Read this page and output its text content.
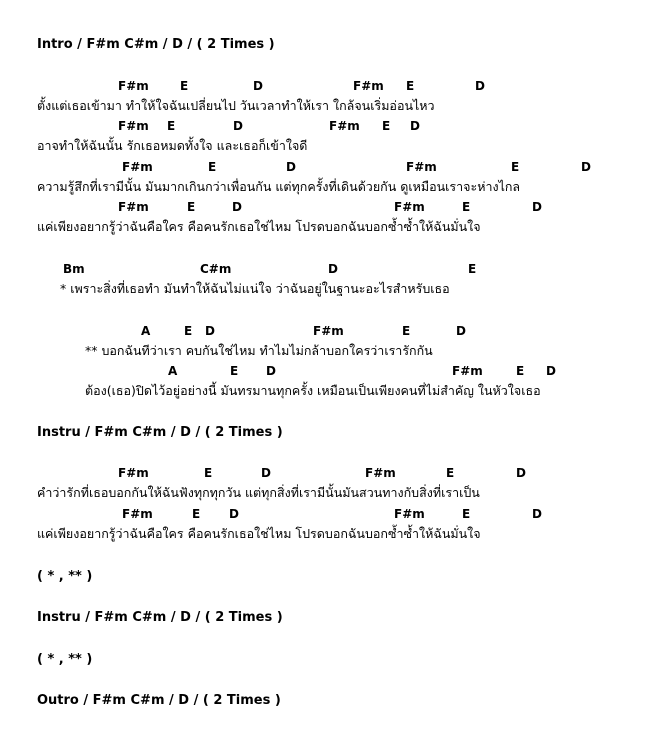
Intro / F#m C#m / D / ( 2 Times )
Instru / F#m C#m / D / ( 2 Times )
( * , ** )
Instru / F#m C#m / D / ( 2 Times )
( * , ** )
Outro / F#m C#m / D / ( 2 Times )
F#m	E	D	F#m E	D
ตั้งแต่เธอเข้ามา ทำให้ใจฉันเปลี่ยนไป วันเวลาทำให้เรา ใกล้จนเริ่มอ่อนไหว
F#m E	D	F#m E D
อาจทำให้ฉันนั้น รักเธอหมดทั้งใจ และเธอก็เข้าใจดี
F#m	E	D	F#m	E	D
ความรู้สึกที่เรามีนั้น มันมากเกินกว่าเพื่อนกัน แต่ทุกครั้งที่เดินด้วยกัน ดูเหมือนเราจะห่างไกล
F#m	E	D	F#m	E	D
แค่เพียงอยากรู้ว่าฉันคือใคร คือคนรักเธอใช่ไหม โปรดบอกฉันบอกซ้ำซ้ำให้ฉันมั่นใจ
Bm	C#m	D	E
* เพราะสิ่งที่เธอทำ มันทำให้ฉันไม่แน่ใจ ว่าฉันอยู่ในฐานะอะไรสำหรับเธอ
A	E D	F#m	E	D
** บอกฉันทีว่าเรา คบกันใช่ไหม ทำไมไม่กล้าบอกใครว่าเรารักกัน
A	E D	F#m	E D
ต้อง(เธอ)ปิดไว้อยู่อย่างนี้ มันทรมานทุกครั้ง เหมือนเป็นเพียงคนที่ไม่สำคัญ ในหัวใจเธอ
F#m	E	D	F#m	E	D
คำว่ารักที่เธอบอกกันให้ฉันฟังทุกทุกวัน แต่ทุกสิ่งที่เรามีนั้นมันสวนทางกับสิ่งที่เราเป็น
F#m	E D	F#m	E	D
แค่เพียงอยากรู้ว่าฉันคือใคร คือคนรักเธอใช่ไหม โปรดบอกฉันบอกซ้ำซ้ำให้ฉันมั่นใจ
